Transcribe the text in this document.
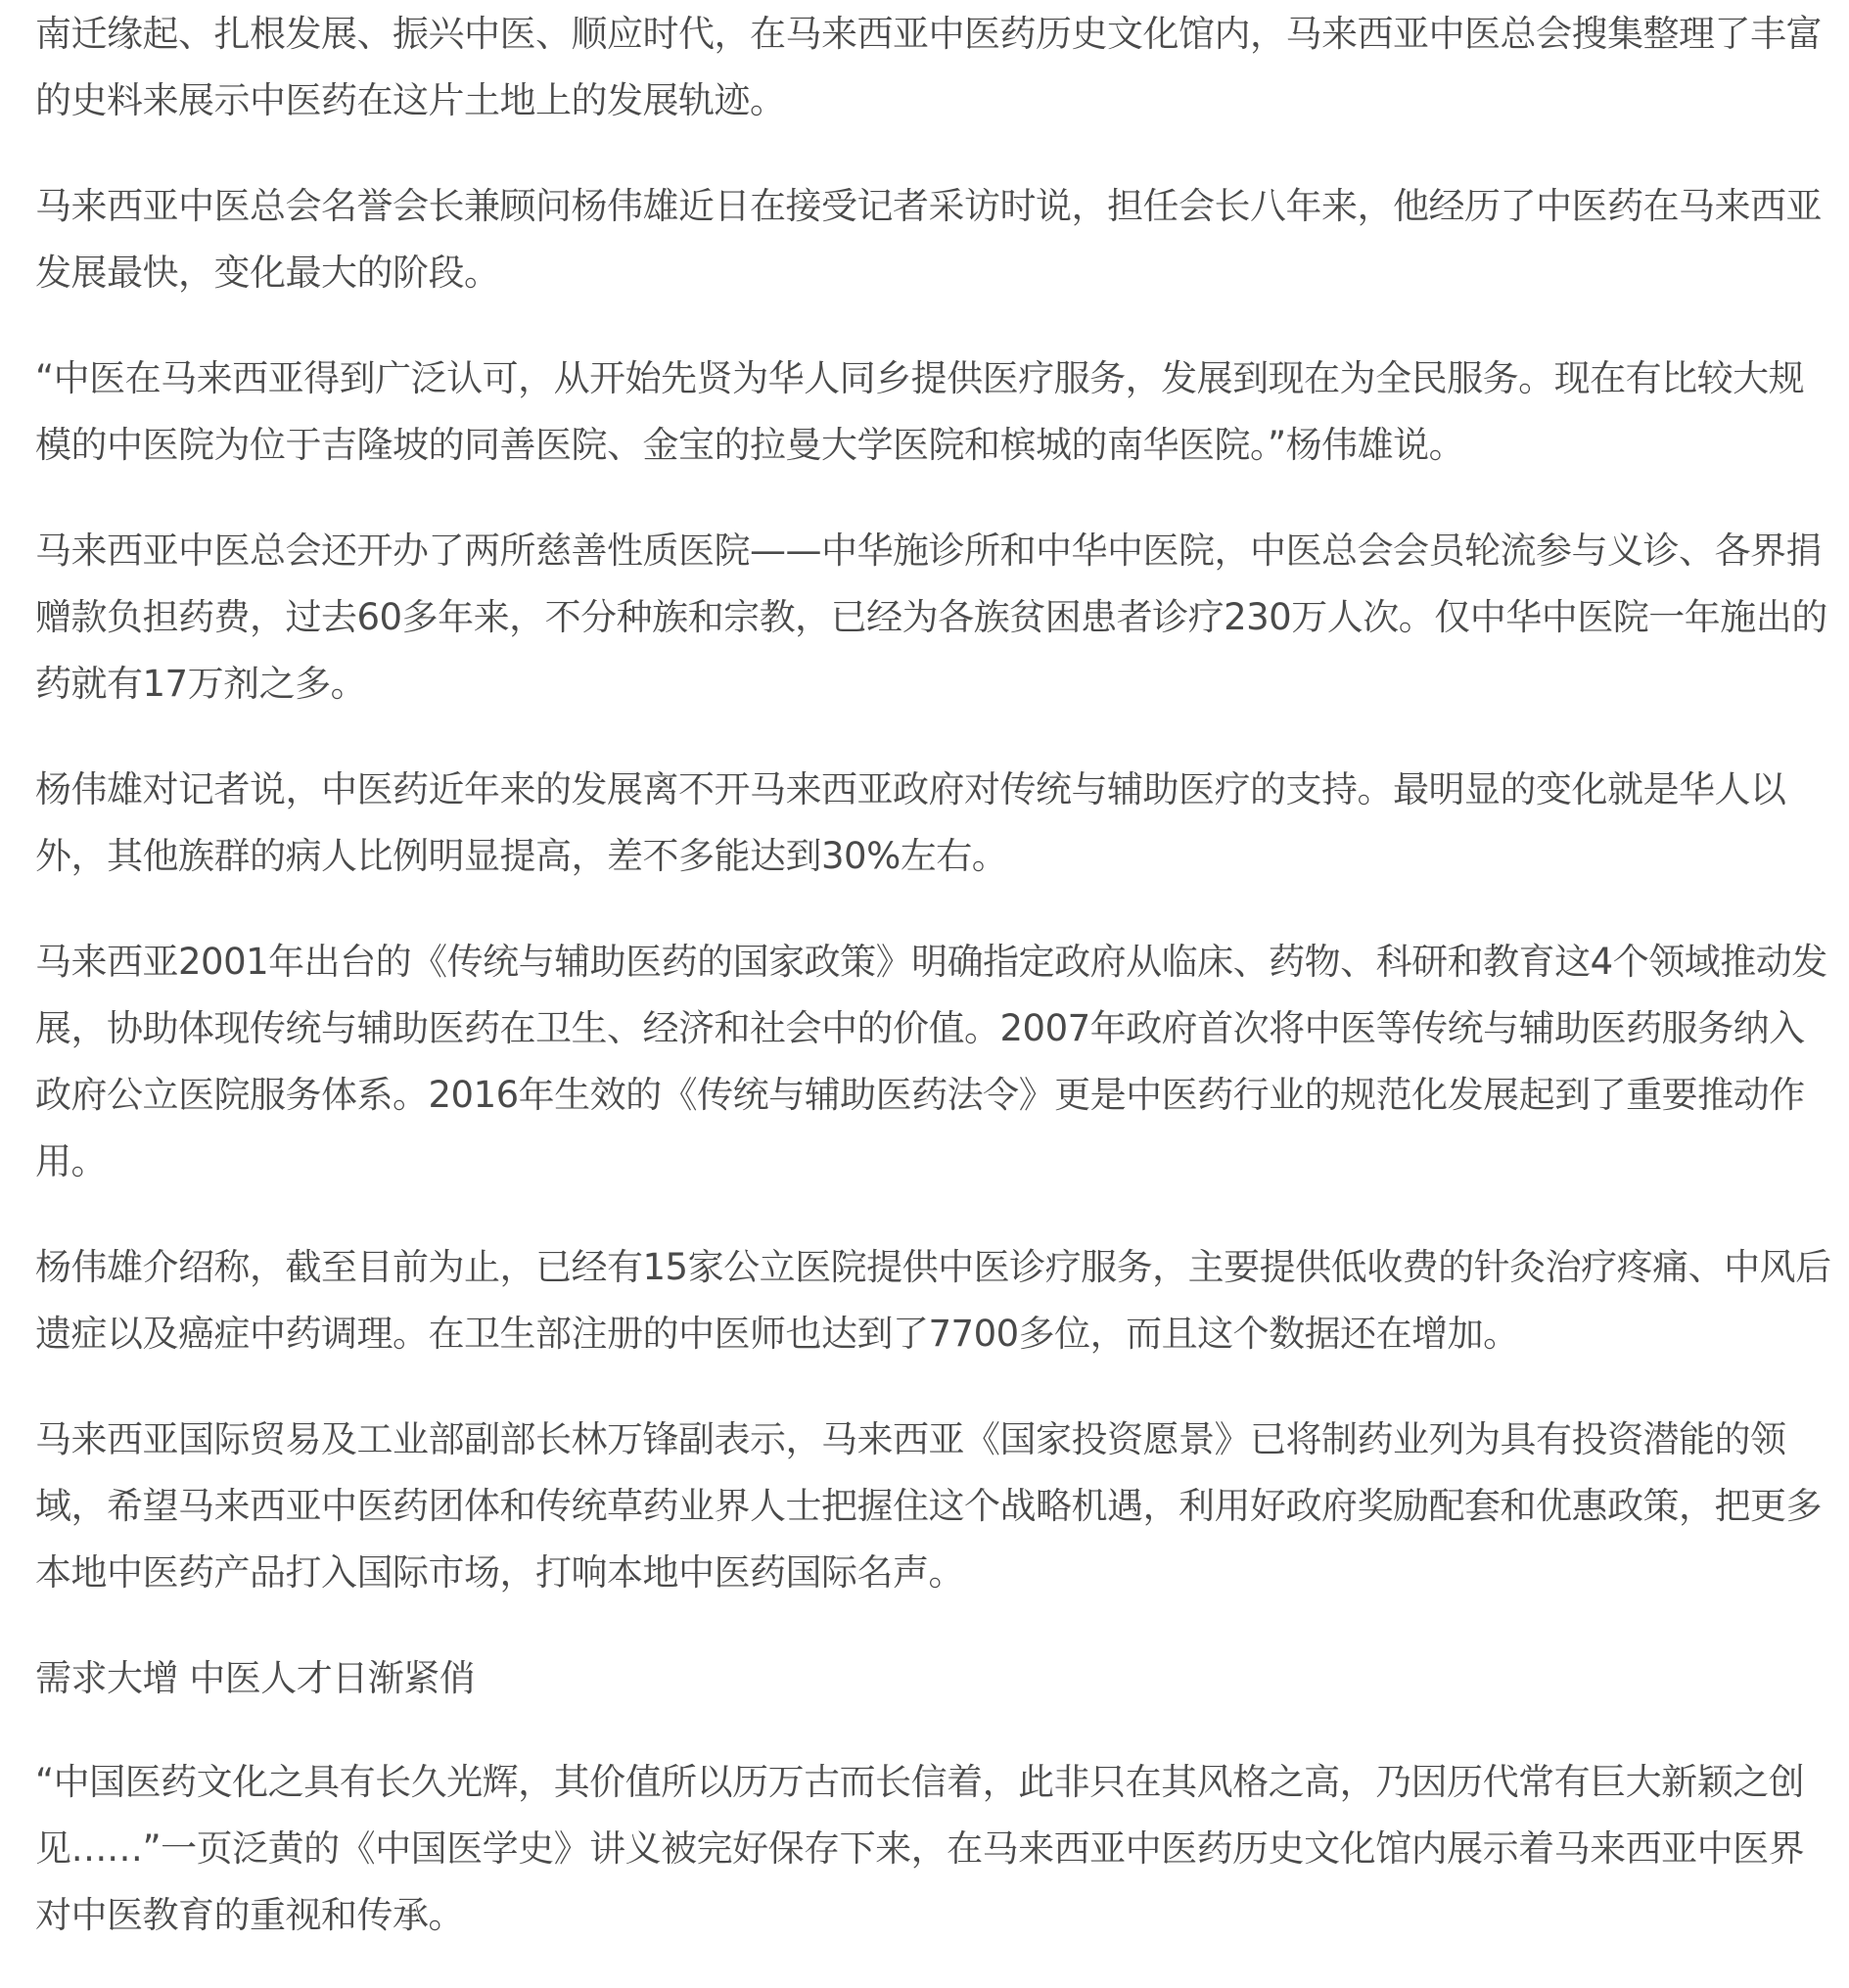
南迁缘起、扎根发展、振兴中医、顺应时代，在马来西亚中医药历史文化馆内，马来西亚中医总会搜集整理了丰富的史料来展示中医药在这片土地上的发展轨迹。

马来西亚中医总会名誉会长兼顾问杨伟雄近日在接受记者采访时说，担任会长八年来，他经历了中医药在马来西亚发展最快，变化最大的阶段。

“中医在马来西亚得到广泛认可，从开始先贤为华人同乡提供医疗服务，发展到现在为全民服务。现在有比较大规模的中医院为位于吉隆坡的同善医院、金宝的拉曼大学医院和槟城的南华医院。”杨伟雄说。

马来西亚中医总会还开办了两所慈善性质医院——中华施诊所和中华中医院，中医总会会员轮流参与义诊、各界捐赠款负担药费，过去60多年来，不分种族和宗教，已经为各族贫困患者诊疗230万人次。仅中华中医院一年施出的药就有17万剂之多。

杨伟雄对记者说，中医药近年来的发展离不开马来西亚政府对传统与辅助医疗的支持。最明显的变化就是华人以外，其他族群的病人比例明显提高，差不多能达到30%左右。

马来西亚2001年出台的《传统与辅助医药的国家政策》明确指定政府从临床、药物、科研和教育这4个领域推动发展，协助体现传统与辅助医药在卫生、经济和社会中的价值。2007年政府首次将中医等传统与辅助医药服务纳入政府公立医院服务体系。2016年生效的《传统与辅助医药法令》更是中医药行业的规范化发展起到了重要推动作用。

杨伟雄介绍称，截至目前为止，已经有15家公立医院提供中医诊疗服务，主要提供低收费的针灸治疗疼痛、中风后遗症以及癌症中药调理。在卫生部注册的中医师也达到了7700多位，而且这个数据还在增加。

马来西亚国际贸易及工业部副部长林万锋副表示，马来西亚《国家投资愿景》已将制药业列为具有投资潜能的领域，希望马来西亚中医药团体和传统草药业界人士把握住这个战略机遇，利用好政府奖励配套和优惠政策，把更多本地中医药产品打入国际市场，打响本地中医药国际名声。

需求大增 中医人才日渐紧俏

“中国医药文化之具有长久光辉，其价值所以历万古而长信着，此非只在其风格之高，乃因历代常有巨大新颖之创见……”一页泛黄的《中国医学史》讲义被完好保存下来，在马来西亚中医药历史文化馆内展示着马来西亚中医界对中医教育的重视和传承。
